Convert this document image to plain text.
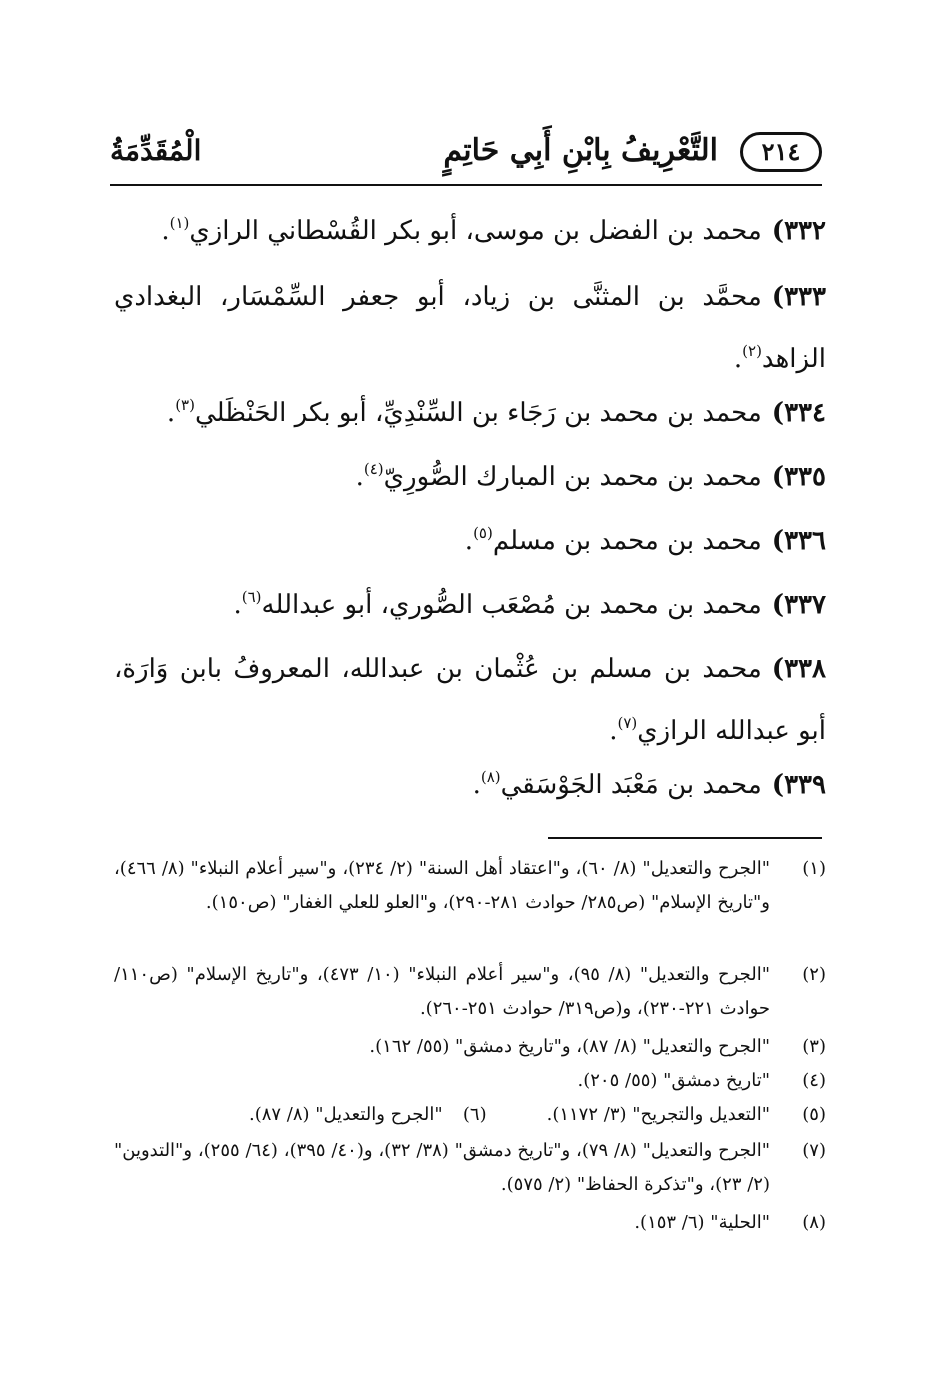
٢١٤
التَّعْرِيفُ بِابْنِ أَبِي حَاتِمٍ
الْمُقَدِّمَةُ
٣٣٢)محمد بن الفضل بن موسى، أبو بكر القُسْطاني الرازي$^{(١)}$.
٣٣٣)محمَّد بن المثنَّى بن زياد، أبو جعفر السِّمْسَار، البغدادي الزاهد$^{(٢)}$.
٣٣٤)محمد بن محمد بن رَجَاء بن السِّنْدِيِّ، أبو بكر الحَنْظَلي$^{(٣)}$.
٣٣٥)محمد بن محمد بن المبارك الصُّورِيّ$^{(٤)}$.
٣٣٦)محمد بن محمد بن مسلم$^{(٥)}$.
٣٣٧)محمد بن محمد بن مُصْعَب الصُّوري، أبو عبدالله$^{(٦)}$.
٣٣٨)محمد بن مسلم بن عُثْمان بن عبدالله، المعروفُ بابن وَارَة، أبو عبدالله الرازي$^{(٧)}$.
٣٣٩)محمد بن مَعْبَد الجَوْسَقي$^{(٨)}$.
(١)
"الجرح والتعديل" (٨/ ٦٠)، و"اعتقاد أهل السنة" (٢/ ٢٣٤)، و"سير أعلام النبلاء" (٨/ ٤٦٦)، و"تاريخ الإسلام" (ص٢٨٥/ حوادث ٢٨١-٢٩٠)، و"العلو للعلي الغفار" (ص١٥٠).
(٢)
"الجرح والتعديل" (٨/ ٩٥)، و"سير أعلام النبلاء" (١٠/ ٤٧٣)، و"تاريخ الإسلام" (ص١١٠/ حوادث ٢٢١-٢٣٠)، و(ص٣١٩/ حوادث ٢٥١-٢٦٠).
(٣)
"الجرح والتعديل" (٨/ ٨٧)، و"تاريخ دمشق" (٥٥/ ١٦٢).
(٤)
"تاريخ دمشق" (٥٥/ ٢٠٥).
(٥)
"التعديل والتجريح" (٣/ ١١٧٢).
(٦)
"الجرح والتعديل" (٨/ ٨٧).
(٧)
"الجرح والتعديل" (٨/ ٧٩)، و"تاريخ دمشق" (٣٨/ ٣٢)، و(٤٠/ ٣٩٥)، (٦٤/ ٢٥٥)، و"التدوين" (٢/ ٢٣)، و"تذكرة الحفاظ" (٢/ ٥٧٥).
(٨)
"الحلية" (٦/ ١٥٣).
